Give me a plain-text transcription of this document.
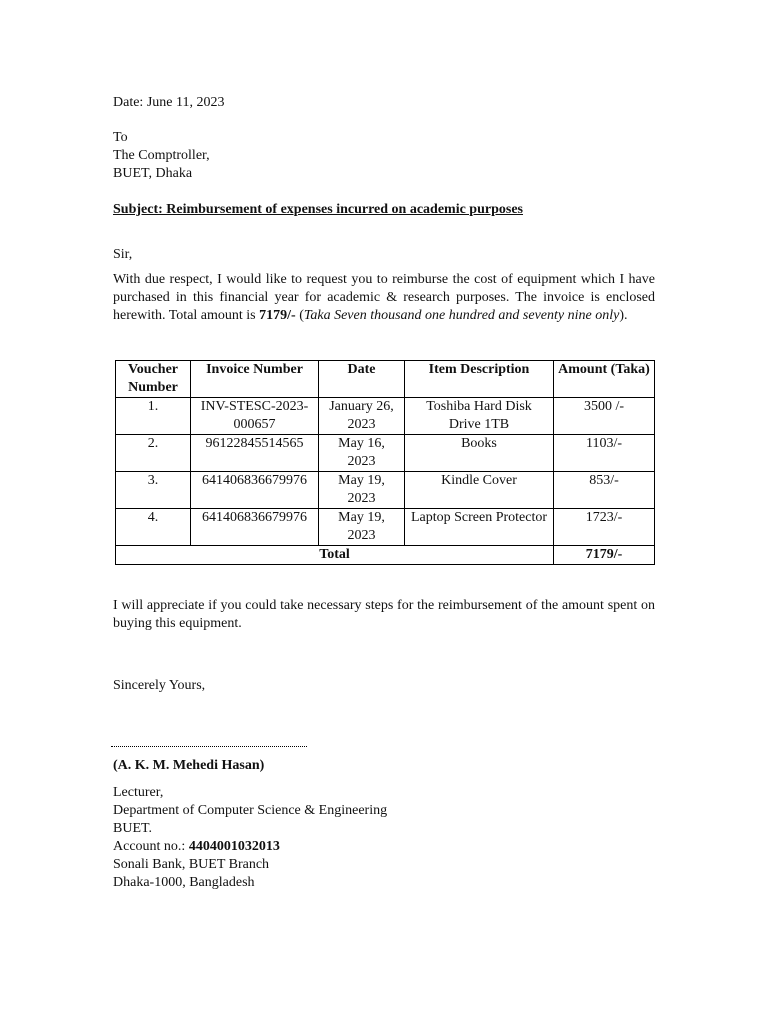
Date: June 11, 2023
To
The Comptroller,
BUET, Dhaka
Subject: Reimbursement of expenses incurred on academic purposes
Sir,
With due respect, I would like to request you to reimburse the cost of equipment which I have purchased in this financial year for academic & research purposes. The invoice is enclosed herewith. Total amount is 7179/- (Taka Seven thousand one hundred and seventy nine only).
Voucher Number	Invoice Number	Date	Item Description	Amount (Taka)
1.	INV-STESC-2023-000657	January 26, 2023	Toshiba Hard Disk Drive 1TB	3500 /-
2.	96122845514565	May 16, 2023	Books	1103/-
3.	641406836679976	May 19, 2023	Kindle Cover	853/-
4.	641406836679976	May 19, 2023	Laptop Screen Protector	1723/-
Total				7179/-
I will appreciate if you could take necessary steps for the reimbursement of the amount spent on buying this equipment.
Sincerely Yours,
(A. K. M. Mehedi Hasan)
Lecturer,
Department of Computer Science & Engineering
BUET.
Account no.: 4404001032013
Sonali Bank, BUET Branch
Dhaka-1000, Bangladesh
